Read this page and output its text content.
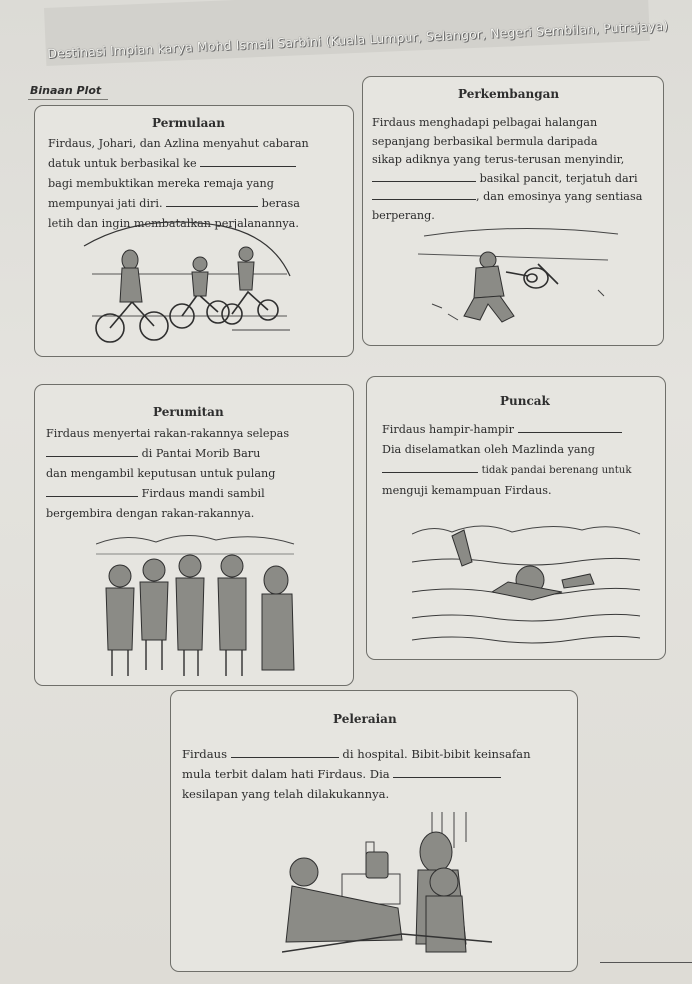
Destinasi Impian karya Mohd Ismail Sarbini (Kuala Lumpur, Selangor, Negeri Sembilan, Putrajaya)
Binaan Plot
Permulaan
Firdaus, Johari, dan Azlina menyahut cabaran
datuk untuk berbasikal ke
bagi membuktikan mereka remaja yang
mempunyai jati diri.	berasa
letih dan ingin membatalkan perjalanannya.
Perkembangan
Firdaus menghadapi pelbagai halangan
sepanjang berbasikal bermula daripada
sikap adiknya yang terus-terusan menyindir,
basikal pancit, terjatuh dari
, dan emosinya yang sentiasa
berperang.
Perumitan
Firdaus menyertai rakan-rakannya selepas
di Pantai Morib Baru
dan mengambil keputusan untuk pulang
Firdaus mandi sambil
bergembira dengan rakan-rakannya.
Puncak
Firdaus hampir-hampir
Dia diselamatkan oleh Mazlinda yang
tidak pandai berenang untuk
menguji kemampuan Firdaus.
Peleraian
Firdaus	di hospital. Bibit-bibit keinsafan
mula terbit dalam hati Firdaus. Dia
kesilapan yang telah dilakukannya.
